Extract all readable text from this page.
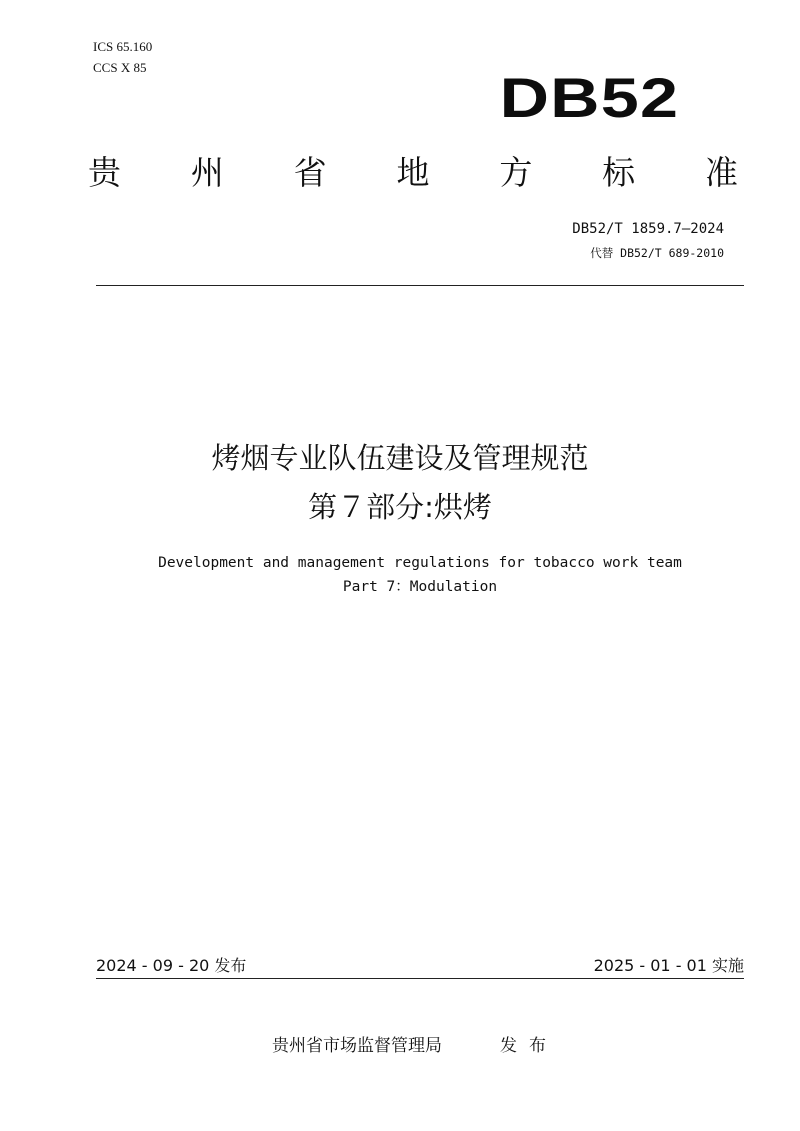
ICS 65.160
CCS X 85	DB52
贵 州 省 地 方 标 准
DB52/T 1859.7—2024
代替 DB52/T 689-2010
烤烟专业队伍建设及管理规范
第７部分:烘烤
Development and management regulations for tobacco work team
Part 7：Modulation
2024 - 09 - 20 发布	2025 - 01 - 01 实施
贵州省市场监督管理局	发布
